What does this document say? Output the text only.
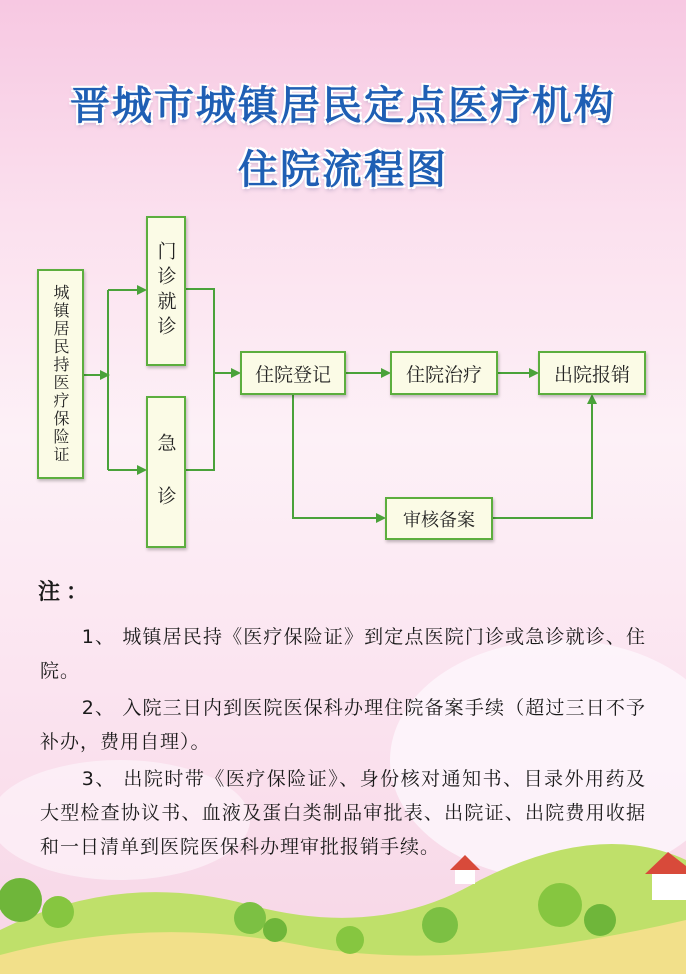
晋城市城镇居民定点医疗机构
住院流程图
城镇居民持医疗保险证	门诊就诊
急 诊
住院登记	住院治疗	出院报销
审核备案
注：

1、 城镇居民持《医疗保险证》到定点医院门诊或急诊就诊、住院。

2、 入院三日内到医院医保科办理住院备案手续（超过三日不予补办，费用自理）。

3、 出院时带《医疗保险证》、身份核对通知书、目录外用药及大型检查协议书、血液及蛋白类制品审批表、出院证、出院费用收据和一日清单到医院医保科办理审批报销手续。
